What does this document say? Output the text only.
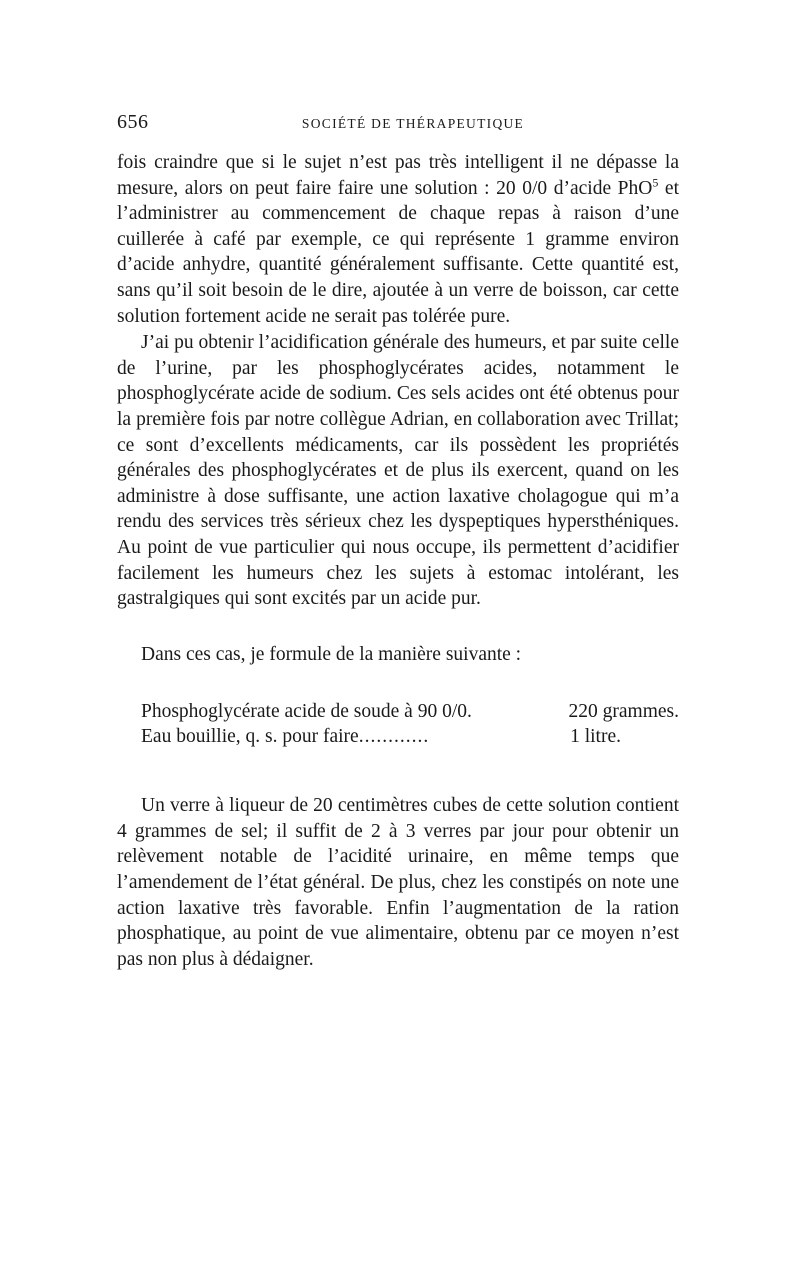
656	SOCIÉTÉ DE THÉRAPEUTIQUE

fois craindre que si le sujet n’est pas très intelligent il ne dépasse la mesure, alors on peut faire faire une solution : 20 0/0 d’acide PhO$^5$ et l’administrer au commencement de chaque repas à raison d’une cuillerée à café par exemple, ce qui représente 1 gramme environ d’acide anhydre, quantité généralement suffisante. Cette quantité est, sans qu’il soit besoin de le dire, ajoutée à un verre de boisson, car cette solution fortement acide ne serait pas tolérée pure.

J’ai pu obtenir l’acidification générale des humeurs, et par suite celle de l’urine, par les phosphoglycérates acides, notamment le phosphoglycérate acide de sodium. Ces sels acides ont été obtenus pour la première fois par notre collègue Adrian, en collaboration avec Trillat; ce sont d’excellents médicaments, car ils possèdent les propriétés générales des phosphoglycérates et de plus ils exercent, quand on les administre à dose suffisante, une action laxative cholagogue qui m’a rendu des services très sérieux chez les dyspeptiques hypersthéniques. Au point de vue particulier qui nous occupe, ils permettent d’acidifier facilement les humeurs chez les sujets à estomac intolérant, les gastralgiques qui sont excités par un acide pur.

Dans ces cas, je formule de la manière suivante :

Phosphoglycérate acide de soude à 90 0/0.	220 grammes.
Eau bouillie, q. s. pour faire ............	1 litre.

Un verre à liqueur de 20 centimètres cubes de cette solution contient 4 grammes de sel; il suffit de 2 à 3 verres par jour pour obtenir un relèvement notable de l’acidité urinaire, en même temps que l’amendement de l’état général. De plus, chez les constipés on note une action laxative très favorable. Enfin l’augmentation de la ration phosphatique, au point de vue alimentaire, obtenu par ce moyen n’est pas non plus à dédaigner.
